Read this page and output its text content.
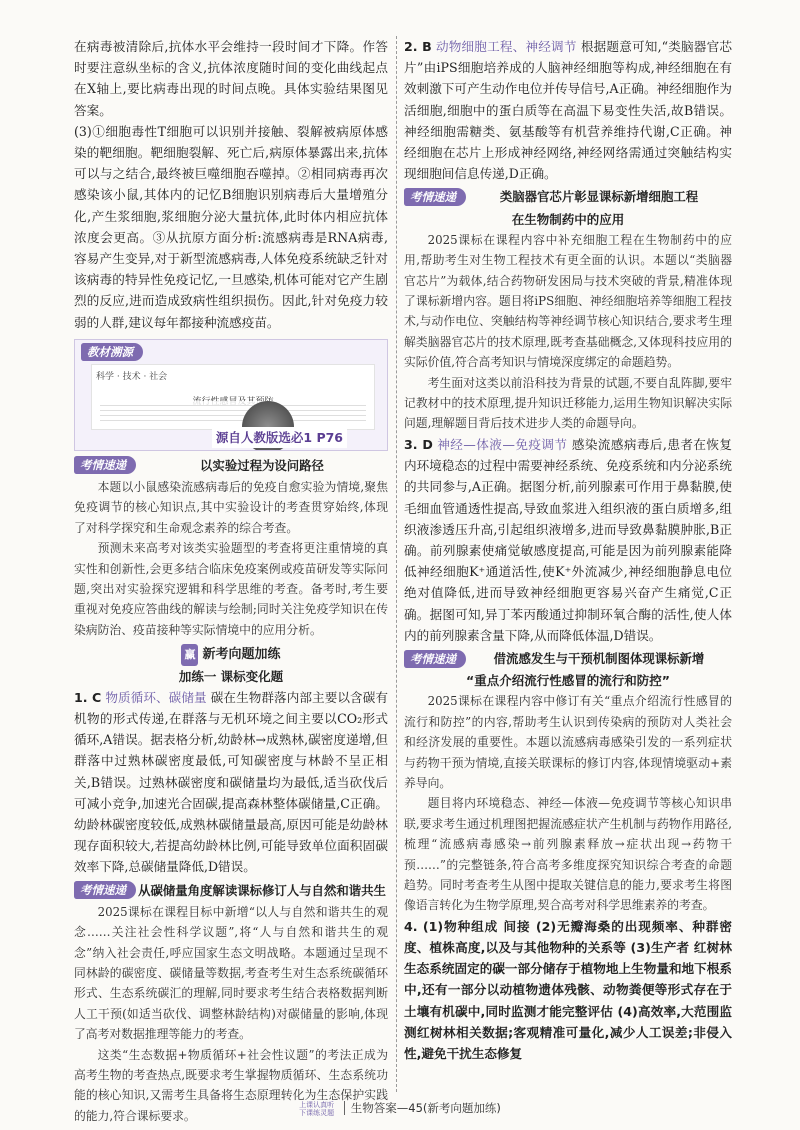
在病毒被清除后,抗体水平会维持一段时间才下降。作答时要注意纵坐标的含义,抗体浓度随时间的变化曲线起点在X轴上,要比病毒出现的时间点晚。具体实验结果图见答案。

(3)①细胞毒性T细胞可以识别并接触、裂解被病原体感染的靶细胞。靶细胞裂解、死亡后,病原体暴露出来,抗体可以与之结合,最终被巨噬细胞吞噬掉。②相同病毒再次感染该小鼠,其体内的记忆B细胞识别病毒后大量增殖分化,产生浆细胞,浆细胞分泌大量抗体,此时体内相应抗体浓度会更高。③从抗原方面分析:流感病毒是RNA病毒,容易产生变异,对于新型流感病毒,人体免疫系统缺乏针对该病毒的特异性免疫记忆,一旦感染,机体可能对它产生剧烈的反应,进而造成致病性组织损伤。因此,针对免疫力较弱的人群,建议每年都接种流感疫苗。

教材溯源
科学 · 技术 · 社会
源自人教版选必1 P76
考情速递	以实验过程为设问路径

本题以小鼠感染流感病毒后的免疫自愈实验为情境,聚焦免疫调节的核心知识点,其中实验设计的考查贯穿始终,体现了对科学探究和生命观念素养的综合考查。

预测未来高考对该类实验题型的考查将更注重情境的真实性和创新性,会更多结合临床免疫案例或疫苗研发等实际问题,突出对实验探究逻辑和科学思维的考查。备考时,考生要重视对免疫应答曲线的解读与绘制;同时关注免疫学知识在传染病防治、疫苗接种等实际情境中的应用分析。

赢 新考向题加练
加练一 课标变化题

1. C 物质循环、碳储量 碳在生物群落内部主要以含碳有机物的形式传递,在群落与无机环境之间主要以CO₂形式循环,A错误。据表格分析,幼龄林→成熟林,碳密度递增,但群落中过熟林碳密度最低,可知碳密度与林龄不呈正相关,B错误。过熟林碳密度和碳储量均为最低,适当砍伐后可减小竞争,加速光合固碳,提高森林整体碳储量,C正确。幼龄林碳密度较低,成熟林碳储量最高,原因可能是幼龄林现存面积较大,若提高幼龄林比例,可能导致单位面积固碳效率下降,总碳储量降低,D错误。

考情速递 从碳储量角度解读课标修订人与自然和谐共生

2025课标在课程目标中新增“以人与自然和谐共生的观念……关注社会性科学议题”,将“人与自然和谐共生的观念”纳入社会责任,呼应国家生态文明战略。本题通过呈现不同林龄的碳密度、碳储量等数据,考查考生对生态系统碳循环形式、生态系统碳汇的理解,同时要求考生结合表格数据判断人工干预(如适当砍伐、调整林龄结构)对碳储量的影响,体现了高考对数据推理等能力的考查。

这类“生态数据+物质循环+社会性议题”的考法正成为高考生物的考查热点,既要求考生掌握物质循环、生态系统功能的核心知识,又需考生具备将生态原理转化为生态保护实践的能力,符合课标要求。

2. B 动物细胞工程、神经调节 根据题意可知,“类脑器官芯片”由iPS细胞培养成的人脑神经细胞等构成,神经细胞在有效刺激下可产生动作电位并传导信号,A正确。神经细胞作为活细胞,细胞中的蛋白质等在高温下易变性失活,故B错误。神经细胞需糖类、氨基酸等有机营养维持代谢,C正确。神经细胞在芯片上形成神经网络,神经网络需通过突触结构实现细胞间信息传递,D正确。

考情速递	类脑器官芯片彰显课标新增细胞工程
在生物制药中的应用

2025课标在课程内容中补充细胞工程在生物制药中的应用,帮助考生对生物工程技术有更全面的认识。本题以“类脑器官芯片”为载体,结合药物研发困局与技术突破的背景,精准体现了课标新增内容。题目将iPS细胞、神经细胞培养等细胞工程技术,与动作电位、突触结构等神经调节核心知识结合,要求考生理解类脑器官芯片的技术原理,既考查基础概念,又体现科技应用的实际价值,符合高考知识与情境深度绑定的命题趋势。

考生面对这类以前沿科技为背景的试题,不要自乱阵脚,要牢记教材中的技术原理,提升知识迁移能力,运用生物知识解决实际问题,理解题目背后技术进步人类的命题导向。

3. D 神经—体液—免疫调节 感染流感病毒后,患者在恢复内环境稳态的过程中需要神经系统、免疫系统和内分泌系统的共同参与,A正确。据图分析,前列腺素可作用于鼻黏膜,使毛细血管通透性提高,导致血浆进入组织液的蛋白质增多,组织液渗透压升高,引起组织液增多,进而导致鼻黏膜肿胀,B正确。前列腺素使痛觉敏感度提高,可能是因为前列腺素能降低神经细胞K⁺通道活性,使K⁺外流减少,神经细胞静息电位绝对值降低,进而导致神经细胞更容易兴奋产生痛觉,C正确。据图可知,异丁苯丙酸通过抑制环氧合酶的活性,使人体内的前列腺素含量下降,从而降低体温,D错误。

考情速递	借流感发生与干预机制图体现课标新增
“重点介绍流行性感冒的流行和防控”

2025课标在课程内容中修订有关“重点介绍流行性感冒的流行和防控”的内容,帮助考生认识到传染病的预防对人类社会和经济发展的重要性。本题以流感病毒感染引发的一系列症状与药物干预为情境,直接关联课标的修订内容,体现情境驱动+素养导向。

题目将内环境稳态、神经—体液—免疫调节等核心知识串联,要求考生通过机理图把握流感症状产生机制与药物作用路径,梳理“流感病毒感染→前列腺素释放→症状出现→药物干预……”的完整链条,符合高考多维度探究知识综合考查的命题趋势。同时考查考生从图中提取关键信息的能力,要求考生将图像语言转化为生物学原理,契合高考对科学思维素养的考查。

4. (1)物种组成 间接 (2)无瓣海桑的出现频率、种群密度、植株高度,以及与其他物种的关系等 (3)生产者 红树林生态系统固定的碳一部分储存于植物地上生物量和地下根系中,还有一部分以动植物遗体残骸、动物粪便等形式存在于土壤有机碳中,同时监测才能完整评估 (4)高效率,大范围监测红树林相关数据;客观精准可量化,减少人工误差;非侵入性,避免干扰生态修复

上课认真听
下课练灵题 生物答案—45(新考向题加练)
